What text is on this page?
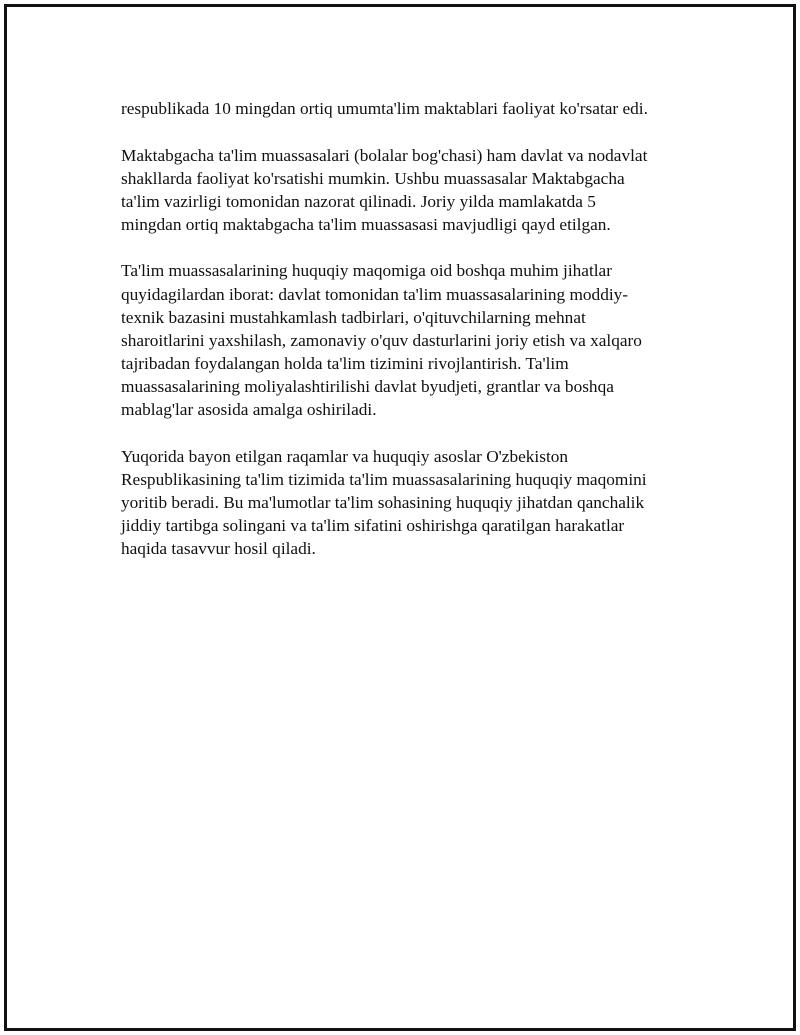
respublikada 10 mingdan ortiq umumta'lim maktablari faoliyat ko'rsatar edi.

Maktabgacha ta'lim muassasalari (bolalar bog'chasi) ham davlat va nodavlat
shakllarda faoliyat ko'rsatishi mumkin. Ushbu muassasalar Maktabgacha
ta'lim vazirligi tomonidan nazorat qilinadi. Joriy yilda mamlakatda 5
mingdan ortiq maktabgacha ta'lim muassasasi mavjudligi qayd etilgan.

Ta'lim muassasalarining huquqiy maqomiga oid boshqa muhim jihatlar
quyidagilardan iborat: davlat tomonidan ta'lim muassasalarining moddiy-
texnik bazasini mustahkamlash tadbirlari, o'qituvchilarning mehnat
sharoitlarini yaxshilash, zamonaviy o'quv dasturlarini joriy etish va xalqaro
tajribadan foydalangan holda ta'lim tizimini rivojlantirish. Ta'lim
muassasalarining moliyalashtirilishi davlat byudjeti, grantlar va boshqa
mablag'lar asosida amalga oshiriladi.

Yuqorida bayon etilgan raqamlar va huquqiy asoslar O'zbekiston
Respublikasining ta'lim tizimida ta'lim muassasalarining huquqiy maqomini
yoritib beradi. Bu ma'lumotlar ta'lim sohasining huquqiy jihatdan qanchalik
jiddiy tartibga solingani va ta'lim sifatini oshirishga qaratilgan harakatlar
haqida tasavvur hosil qiladi.
